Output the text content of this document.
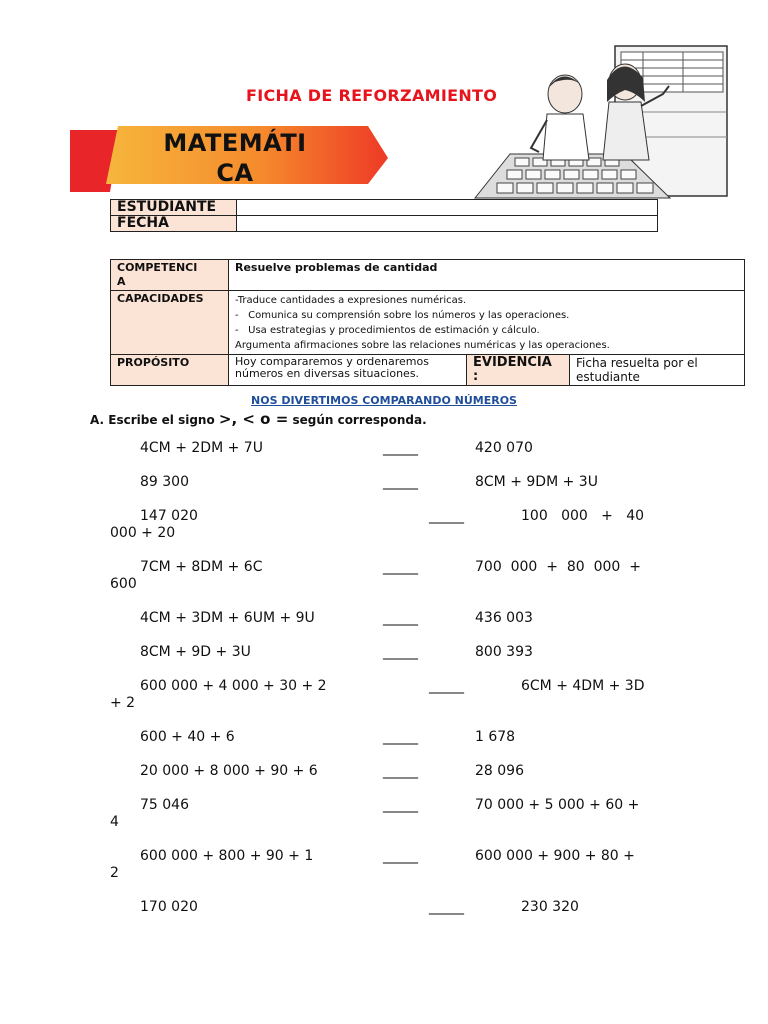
FICHA DE REFORZAMIENTO
MATEMÁTI
CA
ESTUDIANTE	
FECHA	
COMPETENCI
A	Resuelve problemas de cantidad		
CAPACIDADES	-Traduce cantidades a expresiones numéricas.
-   Comunica su comprensión sobre los números y las operaciones.
-   Usa estrategias y procedimientos de estimación y cálculo.
Argumenta afirmaciones sobre las relaciones numéricas y las operaciones.		

PROPÓSITO	Hoy compararemos y ordenaremos números en diversas situaciones.	EVIDENCIA
:	Ficha resuelta por el estudiante
NOS DIVERTIMOS COMPARANDO NÚMEROS
A. Escribe el signo >, < o = según corresponda.
4CM + 2DM + 7U	_____	420 070
89 300	_____	8CM + 9DM + 3U
147 020	_____	100   000   +   40
000 + 20
7CM + 8DM + 6C	_____	700  000  +  80  000  +
600
4CM + 3DM + 6UM + 9U	_____	436 003
8CM + 9D + 3U	_____	800 393
600 000 + 4 000 + 30 + 2	_____	6CM + 4DM + 3D
+ 2
600 + 40 + 6	_____	1 678
20 000 + 8 000 + 90 + 6	_____	28 096
75 046	_____	70 000 + 5 000 + 60 +
4
600 000 + 800 + 90 + 1	_____	600 000 + 900 + 80 +
2
170 020	_____	230 320
